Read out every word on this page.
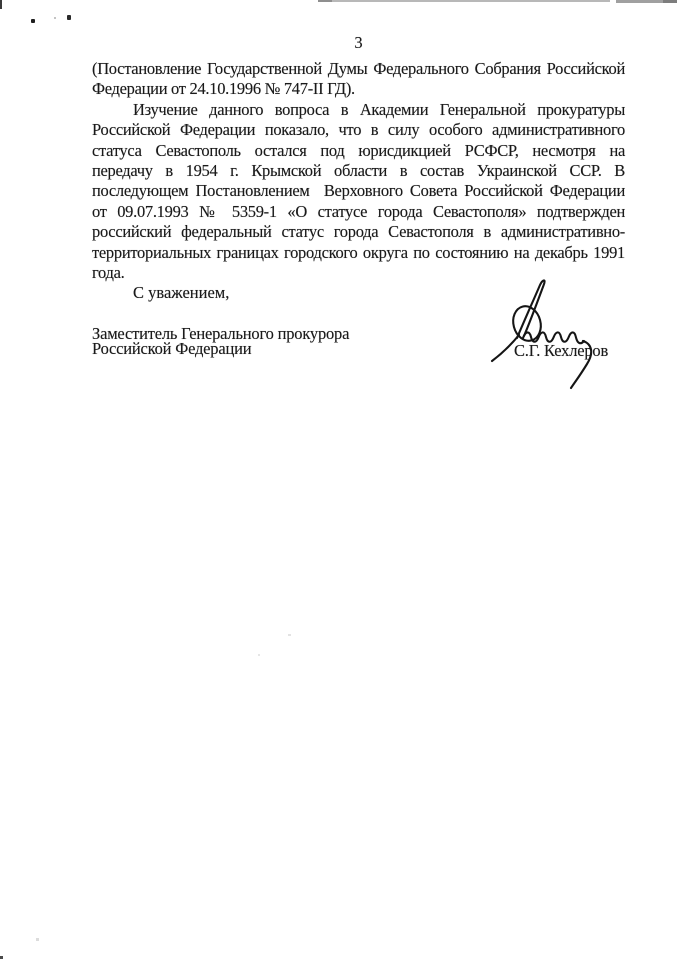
3
(Постановление Государственной Думы Федерального Собрания Российской
Федерации от 24.10.1996 № 747-II ГД).
Изучение данного вопроса в Академии Генеральной прокуратуры
Российской Федерации показало, что в силу особого административного
статуса Севастополь остался под юрисдикцией РСФСР, несмотря на
передачу в 1954 г. Крымской области в состав Украинской ССР. В
последующем Постановлением  Верховного Совета Российской Федерации
от 09.07.1993 № 5359-1 «О статусе города Севастополя» подтвержден
российский федеральный статус города Севастополя в административно-
территориальных границах городского округа по состоянию на декабрь 1991
года.
С уважением,
Заместитель Генерального прокурора
Российской Федерации	С.Г. Кехлеров
